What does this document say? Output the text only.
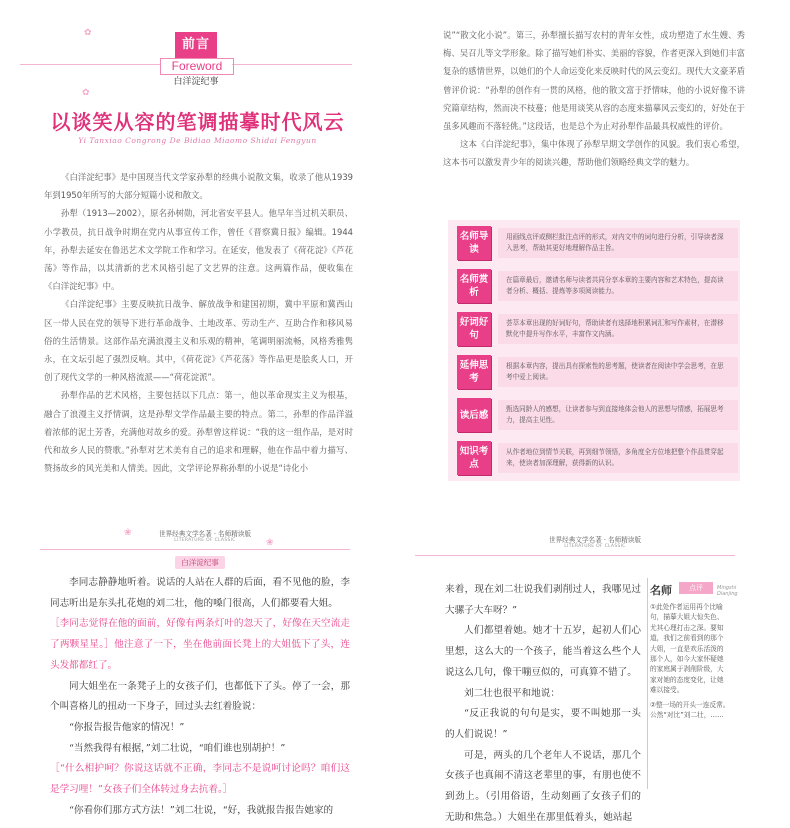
✿
✿
前言
Foreword
白洋淀纪事
以谈笑从容的笔调描摹时代风云
Yi Tanxiao Congrong De Bidiao Miaomo Shidai Fengyun

《白洋淀纪事》是中国现当代文学家孙犁的经典小说散文集，收录了他从1939年到1950年所写的大部分短篇小说和散文。

孙犁（1913—2002），原名孙树勋，河北省安平县人。他早年当过机关职员、小学教员，抗日战争时期在党内从事宣传工作，曾任《晋察冀日报》编辑。1944年，孙犁去延安在鲁迅艺术文学院工作和学习。在延安，他发表了《荷花淀》《芦花荡》等作品，以其清新的艺术风格引起了文艺界的注意。这两篇作品，便收集在《白洋淀纪事》中。

《白洋淀纪事》主要反映抗日战争、解放战争和建国初期，冀中平原和冀西山区一带人民在党的领导下进行革命战争、土地改革、劳动生产、互助合作和移风易俗的生活情景。这部作品充满浪漫主义和乐观的精神，笔调明丽流畅，风格秀雅隽永，在文坛引起了强烈反响。其中，《荷花淀》《芦花荡》等作品更是脍炙人口，开创了现代文学的一种风格流派——“荷花淀派”。

孙犁作品的艺术风格，主要包括以下几点：第一，他以革命现实主义为根基，融合了浪漫主义抒情调，这是孙犁文学作品最主要的特点。第二，孙犁的作品洋溢着浓郁的泥土芳香，充满他对故乡的爱。孙犁曾这样说：“我的这一组作品，是对时代和故乡人民的赞歌。”孙犁对艺术美有自己的追求和理解，他在作品中着力描写、赞扬故乡的风光美和人情美。因此，文学评论界称孙犁的小说是“诗化小

说”“散文化小说”。第三，孙犁擅长描写农村的青年女性，成功塑造了水生嫂、秀梅、吴召儿等文学形象。除了描写她们朴实、美丽的容貌，作者更深入到她们丰富复杂的感情世界，以她们的个人命运变化来反映时代的风云变幻。现代大文豪茅盾曾评价说：“孙犁的创作有一贯的风格，他的散文富于抒情味，他的小说好像不讲究篇章结构，然而决不枝蔓；他是用谈笑从容的态度来描摹风云变幻的，好处在于虽多风趣而不落轻佻。”这段话，也是总个为止对孙犁作品最具权威性的评价。

这本《白洋淀纪事》，集中体现了孙犁早期文学创作的风貌。我们衷心希望，这本书可以激发青少年的阅读兴趣，帮助他们领略经典文学的魅力。

名师导读
用画线点评或侧栏批注点评的形式，对内文中的词句进行分析，引导读者深入思考，帮助其更好地理解作品主旨。
名师赏析
在篇章最后，邀请名师与读者共同分享本章的主要内容和艺术特色，提高读者分析、概括、提炼等多项阅读能力。
好词好句
荟萃本章出现的好词好句，帮助读者有选择地积累词汇和写作素材，在潜移默化中提升写作水平，丰富作文内涵。
延伸思考
根据本章内容，提出具有探索性的思考题，使读者在阅读中学会思考，在思考中爱上阅读。
读后感
甄选同龄人的感想，让读者参与到直接地体会他人的思想与情感，拓展思考力，提高主见性。
知识考点
从作者地位到情节关联，再到细节领悟，多角度全方位地把整个作品贯穿起来，使读者加深理解，获得新的认识。
世界经典文学名著 · 名师精读版
LITERATURE OF CLASSIC
❀
❀
白洋淀纪事

李同志静静地听着。说话的人站在人群的后面，看不见他的脸，李同志听出是东头扎花炮的刘二壮，他的嗓门很高，人们都要看大姐。

［李同志觉得在他的面前，好像有两条灯叶的忽天了，好像在天空流走了两颗星星。］他注意了一下，坐在他前面长凳上的大姐低下了头，连头发都都红了。

同大姐坐在一条凳子上的女孩子们，也都低下了头。停了一会，那个叫喜格儿的扭动一下身子，回过头去红着脸说：

“你报告报告他家的情况！”

“当然我得有根据，”刘二壮说，“咱们谁也别胡护！”

［“什么相护呵？你说这话就不正确，李同志不是说呵讨论吗？咱们这是学习哩！”女孩子们全体转过身去抗着。］

“你看你们那方式方法！”刘二壮说，“好，我就报告报告她家的

世界经典文学名著 · 名师精读版
LITERATURE OF CLASSIC

来着，现在刘二壮说我们剥削过人，我哪见过大骡子大车呀？”

人们都望着她。她才十五岁，起初人们心里想，这么大的一个孩子，能当着这么些个人说这么几句，像干嘣豆似的，可真算不错了。

刘二壮也很平和地说：

“反正我说的句句是实，要不叫她那一头的人们说说！”

可是，两头的几个老年人不说话，那几个女孩子也真闹不清这老辈里的事，有朋也使不到劲上。（引用俗语，生动刻画了女孩子们的无助和焦急。）大姐坐在那里低着头，她站起

名师	点评	Mingshi Dianjing

①此处作者运用再个比喻句，描摹大姐大惊失色、尤其心理打击之深。要知道，我们之前看到的那个大姐，一直是欢乐活泼的那个人，如今大家怀疑她的家庭属于剥削阶级，大家对她的态度变化，让她难以接受。

②整一场的开头一连反常。公然“对比”刘二壮，……
